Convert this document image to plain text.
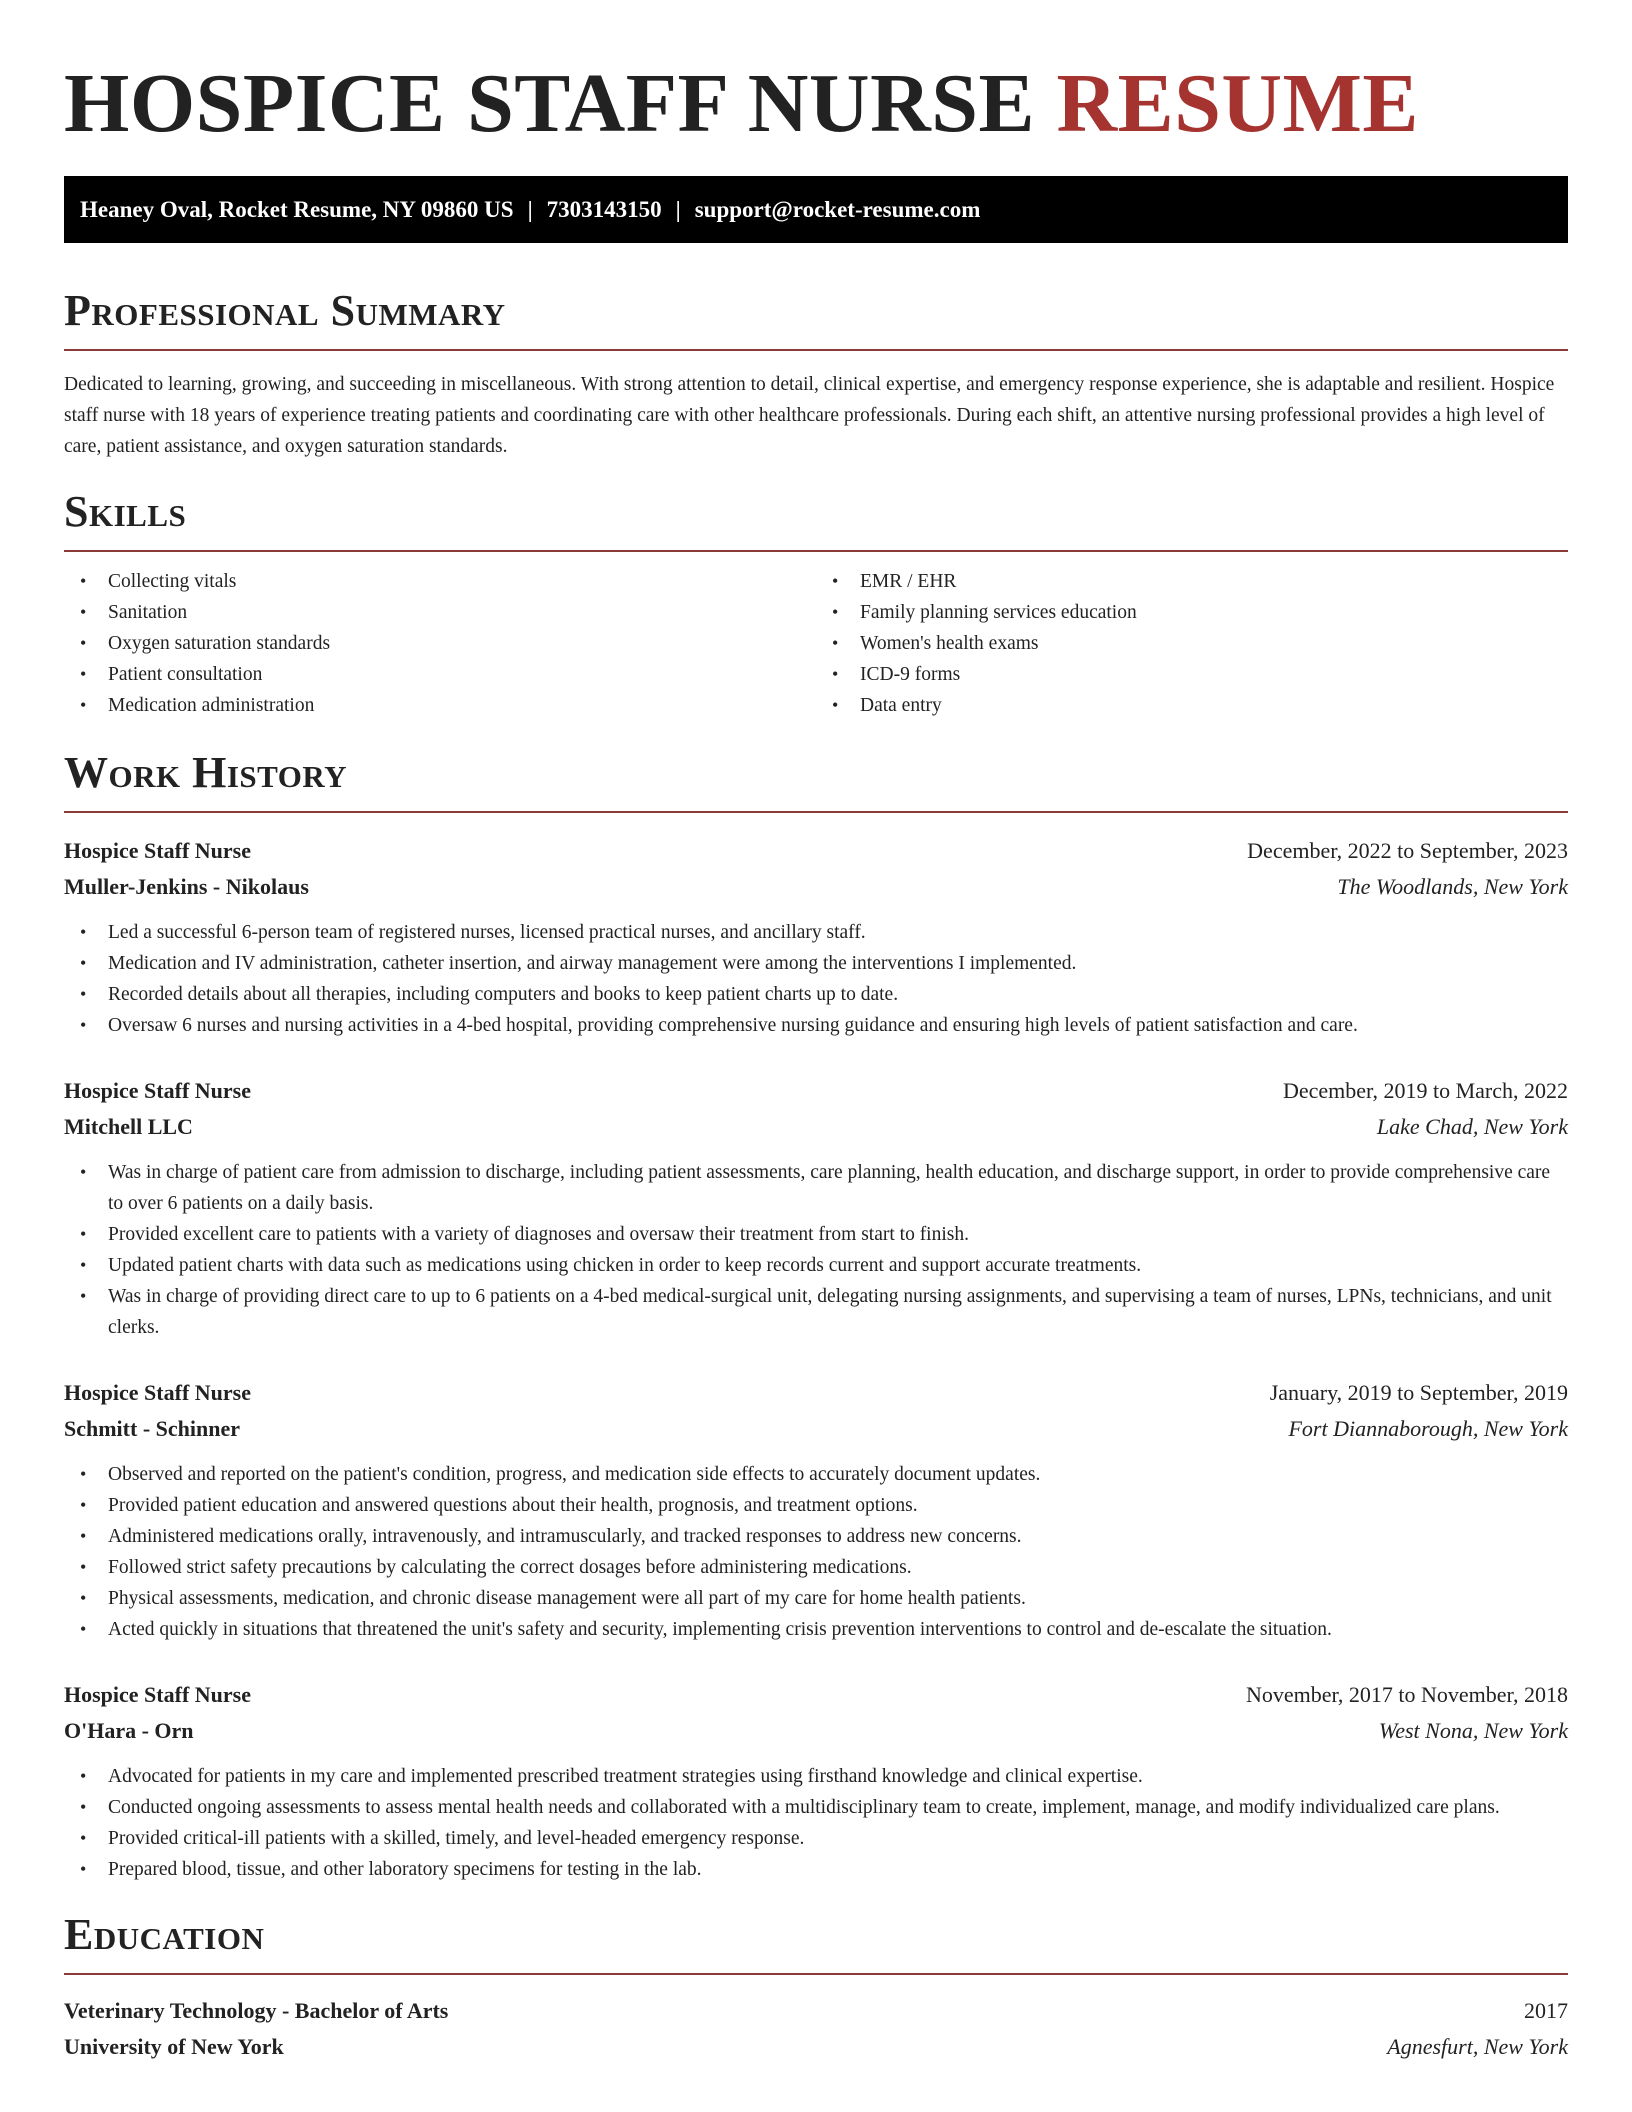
HOSPICE STAFF NURSE RESUME
Heaney Oval, Rocket Resume, NY 09860 US | 7303143150 | support@rocket-resume.com
Professional Summary

Dedicated to learning, growing, and succeeding in miscellaneous. With strong attention to detail, clinical expertise, and emergency response experience, she is adaptable and resilient. Hospice staff nurse with 18 years of experience treating patients and coordinating care with other healthcare professionals. During each shift, an attentive nursing professional provides a high level of care, patient assistance, and oxygen saturation standards.

Skills
• Collecting vitals
• Sanitation
• Oxygen saturation standards
• Patient consultation
• Medication administration
• EMR / EHR
• Family planning services education
• Women's health exams
• ICD-9 forms
• Data entry
Work History
Hospice Staff Nurse	December, 2022 to September, 2023
Muller-Jenkins - Nikolaus	The Woodlands, New York
• Led a successful 6-person team of registered nurses, licensed practical nurses, and ancillary staff.
• Medication and IV administration, catheter insertion, and airway management were among the interventions I implemented.
• Recorded details about all therapies, including computers and books to keep patient charts up to date.
• Oversaw 6 nurses and nursing activities in a 4-bed hospital, providing comprehensive nursing guidance and ensuring high levels of patient satisfaction and care.
Hospice Staff Nurse	December, 2019 to March, 2022
Mitchell LLC	Lake Chad, New York
• Was in charge of patient care from admission to discharge, including patient assessments, care planning, health education, and discharge support, in order to provide comprehensive care to over 6 patients on a daily basis.
• Provided excellent care to patients with a variety of diagnoses and oversaw their treatment from start to finish.
• Updated patient charts with data such as medications using chicken in order to keep records current and support accurate treatments.
• Was in charge of providing direct care to up to 6 patients on a 4-bed medical-surgical unit, delegating nursing assignments, and supervising a team of nurses, LPNs, technicians, and unit clerks.
Hospice Staff Nurse	January, 2019 to September, 2019
Schmitt - Schinner	Fort Diannaborough, New York
• Observed and reported on the patient's condition, progress, and medication side effects to accurately document updates.
• Provided patient education and answered questions about their health, prognosis, and treatment options.
• Administered medications orally, intravenously, and intramuscularly, and tracked responses to address new concerns.
• Followed strict safety precautions by calculating the correct dosages before administering medications.
• Physical assessments, medication, and chronic disease management were all part of my care for home health patients.
• Acted quickly in situations that threatened the unit's safety and security, implementing crisis prevention interventions to control and de-escalate the situation.
Hospice Staff Nurse	November, 2017 to November, 2018
O'Hara - Orn	West Nona, New York
• Advocated for patients in my care and implemented prescribed treatment strategies using firsthand knowledge and clinical expertise.
• Conducted ongoing assessments to assess mental health needs and collaborated with a multidisciplinary team to create, implement, manage, and modify individualized care plans.
• Provided critical-ill patients with a skilled, timely, and level-headed emergency response.
• Prepared blood, tissue, and other laboratory specimens for testing in the lab.
Education
Veterinary Technology - Bachelor of Arts	2017
University of New York	Agnesfurt, New York
